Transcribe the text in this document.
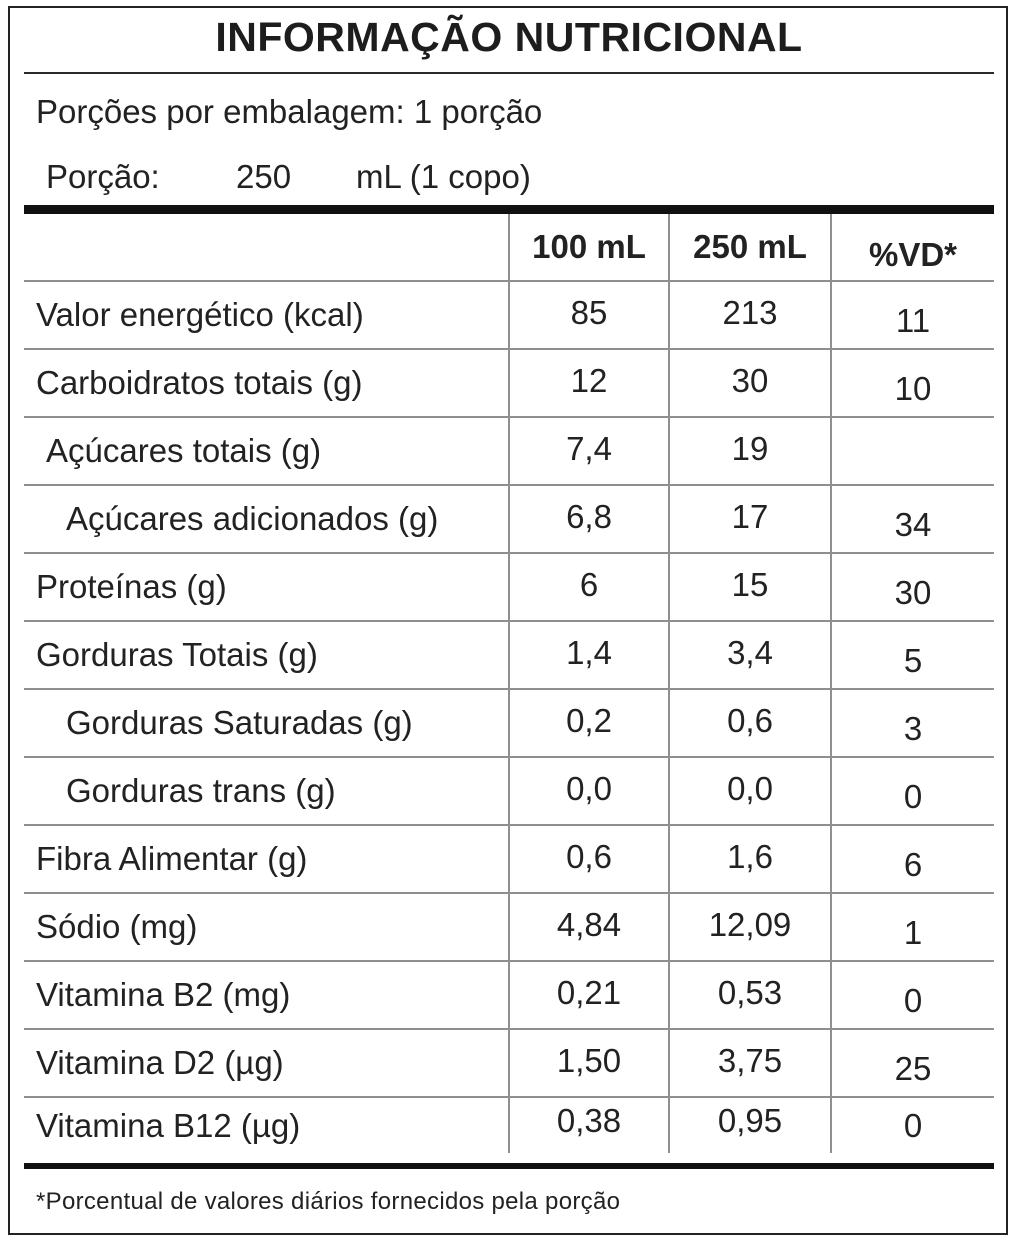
INFORMAÇÃO NUTRICIONAL
Porções por embalagem: 1 porção
Porção: 250 mL (1 copo)
	100 mL	250 mL	%VD*
Valor energético (kcal)	85	213	11
Carboidratos totais (g)	12	30	10
Açúcares totais (g)	7,4	19	
Açúcares adicionados (g)	6,8	17	34
Proteínas (g)	6	15	30
Gorduras Totais (g)	1,4	3,4	5
Gorduras Saturadas (g)	0,2	0,6	3
Gorduras trans (g)	0,0	0,0	0
Fibra Alimentar (g)	0,6	1,6	6
Sódio (mg)	4,84	12,09	1
Vitamina B2 (mg)	0,21	0,53	0
Vitamina D2 (µg)	1,50	3,75	25
Vitamina B12 (µg)	0,38	0,95	0
*Porcentual de valores diários fornecidos pela porção
